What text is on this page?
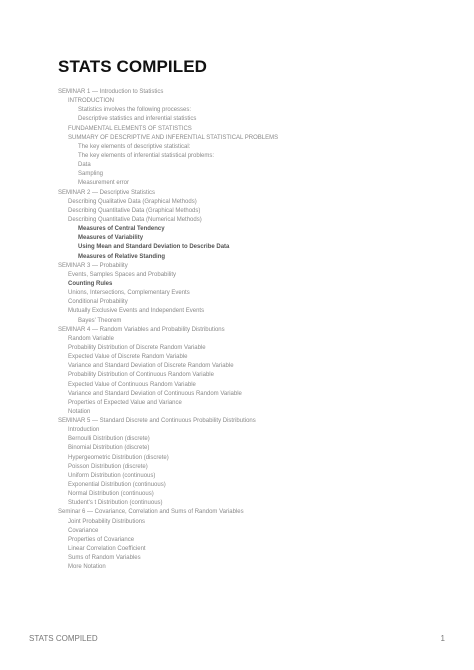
STATS COMPILED
SEMINAR 1 — Introduction to Statistics
INTRODUCTION
Statistics involves the following processes:
Descriptive statistics and inferential statistics
FUNDAMENTAL ELEMENTS OF STATISTICS
SUMMARY OF DESCRIPTIVE AND INFERENTIAL STATISTICAL PROBLEMS
The key elements of descriptive statistical:
The key elements of inferential statistical problems:
Data
Sampling
Measurement error
SEMINAR 2 — Descriptive Statistics
Describing Qualitative Data (Graphical Methods)
Describing Quantitative Data (Graphical Methods)
Describing Quantitative Data (Numerical Methods)
Measures of Central Tendency
Measures of Variability
Using Mean and Standard Deviation to Describe Data
Measures of Relative Standing
SEMINAR 3 — Probability
Events, Samples Spaces and Probability
Counting Rules
Unions, Intersections, Complementary Events
Conditional Probability
Mutually Exclusive Events and Independent Events
Bayes' Theorem
SEMINAR 4 — Random Variables and Probability Distributions
Random Variable
Probability Distribution of Discrete Random Variable
Expected Value of Discrete Random Variable
Variance and Standard Deviation of Discrete Random Variable
Probability Distribution of Continuous Random Variable
Expected Value of Continuous Random Variable
Variance and Standard Deviation of Continuous Random Variable
Properties of Expected Value and Variance
Notation
SEMINAR 5 — Standard Discrete and Continuous Probability Distributions
Introduction
Bernoulli Distribution (discrete)
Binomial Distribution (discrete)
Hypergeometric Distribution (discrete)
Poisson Distribution (discrete)
Uniform Distribution (continuous)
Exponential Distribution (continuous)
Normal Distribution (continuous)
Student's t Distribution (continuous)
Seminar 6 — Covariance, Correlation and Sums of Random Variables
Joint Probability Distributions
Covariance
Properties of Covariance
Linear Correlation Coefficient
Sums of Random Variables
More Notation
STATS COMPILED	1
